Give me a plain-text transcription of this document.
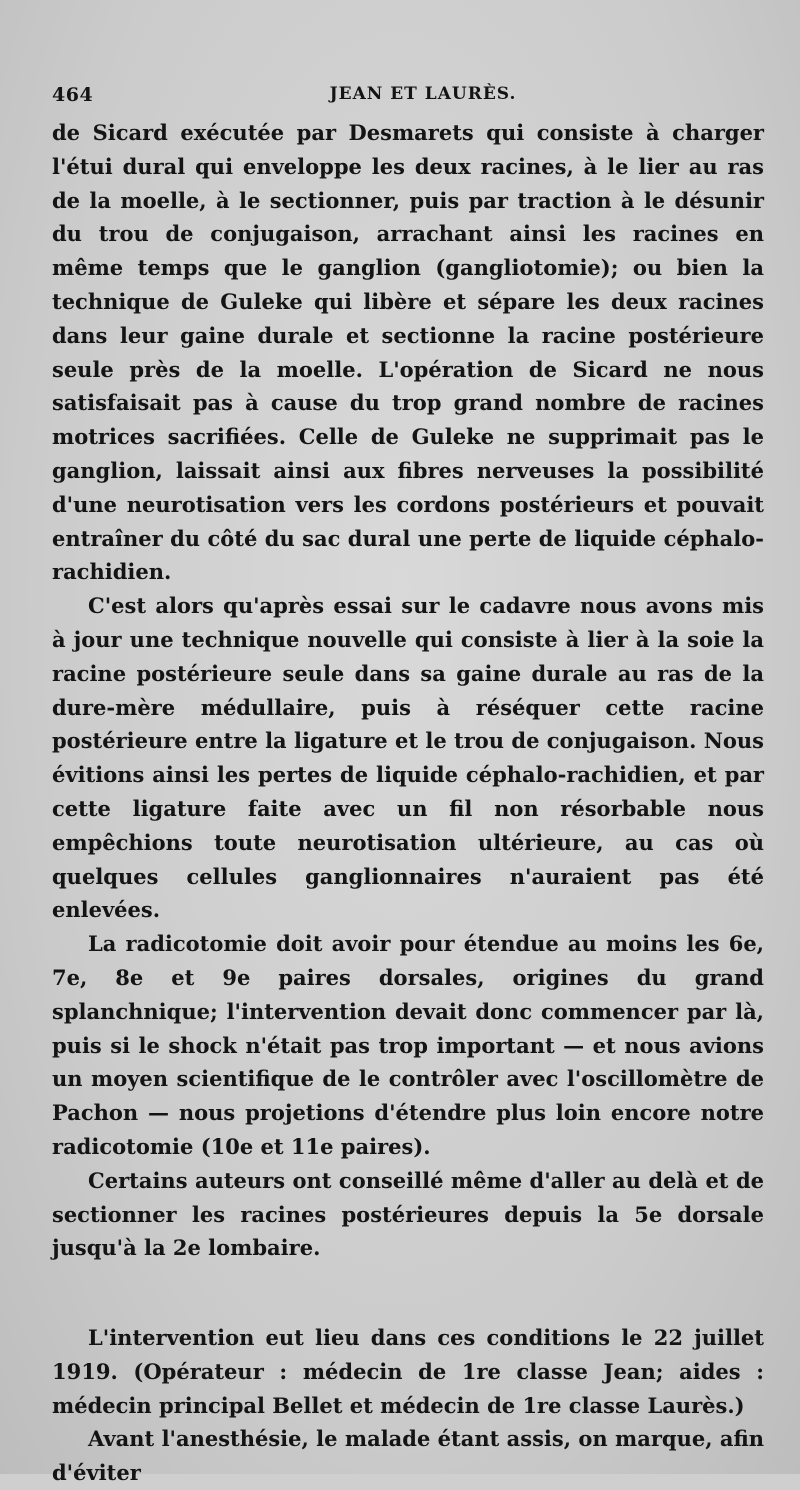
464	JEAN ET LAURÈS.

de Sicard exécutée par Desmarets qui consiste à charger l'étui dural qui enveloppe les deux racines, à le lier au ras de la moelle, à le sectionner, puis par traction à le désunir du trou de conjugaison, arrachant ainsi les racines en même temps que le ganglion (gangliotomie); ou bien la technique de Guleke qui libère et sépare les deux racines dans leur gaine durale et sectionne la racine postérieure seule près de la moelle. L'opération de Sicard ne nous satisfaisait pas à cause du trop grand nombre de racines motrices sacrifiées. Celle de Guleke ne supprimait pas le ganglion, laissait ainsi aux fibres nerveuses la possibilité d'une neurotisation vers les cordons postérieurs et pouvait entraîner du côté du sac dural une perte de liquide céphalo-rachidien.

C'est alors qu'après essai sur le cadavre nous avons mis à jour une technique nouvelle qui consiste à lier à la soie la racine postérieure seule dans sa gaine durale au ras de la dure-mère médullaire, puis à réséquer cette racine postérieure entre la ligature et le trou de conjugaison. Nous évitions ainsi les pertes de liquide céphalo-rachidien, et par cette ligature faite avec un fil non résorbable nous empêchions toute neurotisation ultérieure, au cas où quelques cellules ganglionnaires n'auraient pas été enlevées.

La radicotomie doit avoir pour étendue au moins les 6e, 7e, 8e et 9e paires dorsales, origines du grand splanchnique; l'intervention devait donc commencer par là, puis si le shock n'était pas trop important — et nous avions un moyen scientifique de le contrôler avec l'oscillomètre de Pachon — nous projetions d'étendre plus loin encore notre radicotomie (10e et 11e paires).

Certains auteurs ont conseillé même d'aller au delà et de sectionner les racines postérieures depuis la 5e dorsale jusqu'à la 2e lombaire.

L'intervention eut lieu dans ces conditions le 22 juillet 1919. (Opérateur : médecin de 1re classe Jean; aides : médecin principal Bellet et médecin de 1re classe Laurès.)

Avant l'anesthésie, le malade étant assis, on marque, afin d'éviter
